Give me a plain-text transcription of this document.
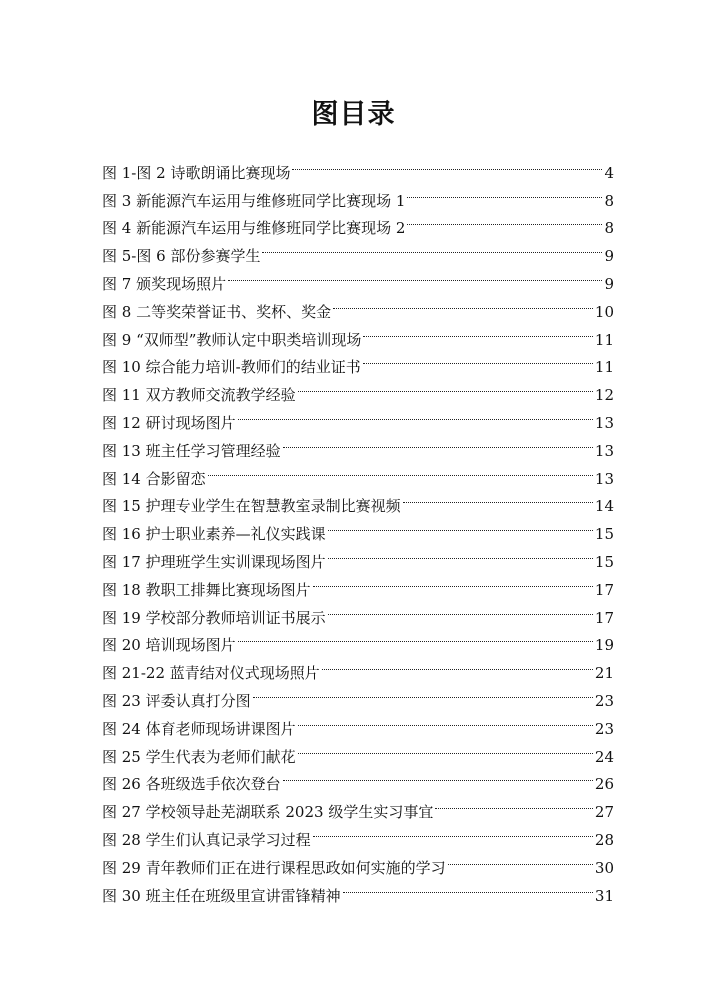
图目录
图 1-图 2 诗歌朗诵比赛现场	4
图 3 新能源汽车运用与维修班同学比赛现场 1	8
图 4 新能源汽车运用与维修班同学比赛现场 2	8
图 5-图 6 部份参赛学生	9
图 7 颁奖现场照片	9
图 8 二等奖荣誉证书、奖杯、奖金	10
图 9 “双师型”教师认定中职类培训现场	11
图 10 综合能力培训-教师们的结业证书	11
图 11 双方教师交流教学经验	12
图 12 研讨现场图片	13
图 13 班主任学习管理经验	13
图 14 合影留恋	13
图 15 护理专业学生在智慧教室录制比赛视频	14
图 16 护士职业素养—礼仪实践课	15
图 17 护理班学生实训课现场图片	15
图 18 教职工排舞比赛现场图片	17
图 19 学校部分教师培训证书展示	17
图 20 培训现场图片	19
图 21-22 蓝青结对仪式现场照片	21
图 23 评委认真打分图	23
图 24 体育老师现场讲课图片	23
图 25 学生代表为老师们献花	24
图 26 各班级选手依次登台	26
图 27 学校领导赴芜湖联系 2023 级学生实习事宜	27
图 28 学生们认真记录学习过程	28
图 29 青年教师们正在进行课程思政如何实施的学习	30
图 30 班主任在班级里宣讲雷锋精神	31
